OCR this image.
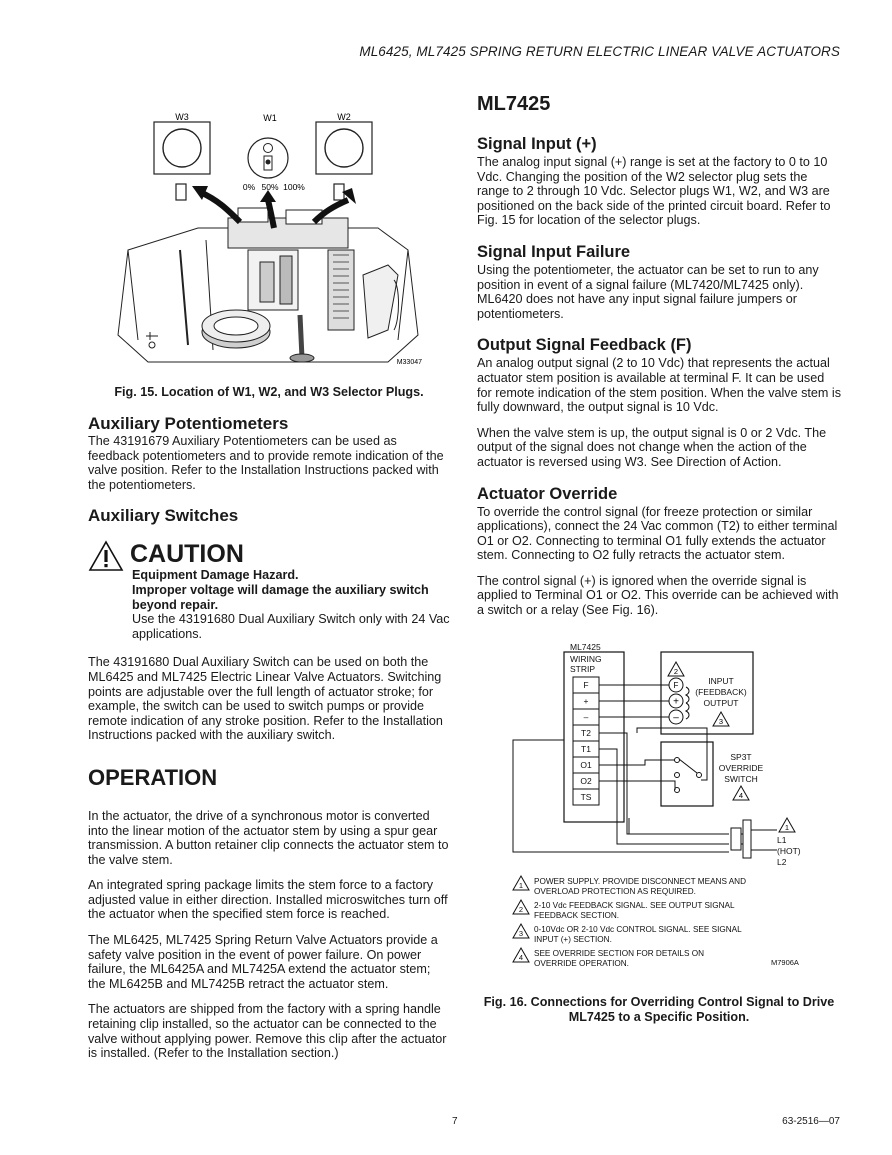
ML6425, ML7425 SPRING RETURN ELECTRIC LINEAR VALVE ACTUATORS
W3	W1
0% 50% 100%
W2
M33047
Fig. 15. Location of W1, W2, and W3 Selector Plugs.
Auxiliary Potentiometers

The 43191679 Auxiliary Potentiometers can be used as feedback potentiometers and to provide remote indication of the valve position. Refer to the Installation Instructions packed with the potentiometers.

Auxiliary Switches
CAUTION
Equipment Damage Hazard.
Improper voltage will damage the auxiliary switch beyond repair.
Use the 43191680 Dual Auxiliary Switch only with 24 Vac applications.

The 43191680 Dual Auxiliary Switch can be used on both the ML6425 and ML7425 Electric Linear Valve Actuators. Switching points are adjustable over the full length of actuator stroke; for example, the switch can be used to switch pumps or provide remote indication of any stroke position. Refer to the Installation Instructions packed with the auxiliary switch.

OPERATION

In the actuator, the drive of a synchronous motor is converted into the linear motion of the actuator stem by using a spur gear transmission. A button retainer clip connects the actuator stem to the valve stem.

An integrated spring package limits the stem force to a factory adjusted value in either direction. Installed microswitches turn off the actuator when the specified stem force is reached.

The ML6425, ML7425 Spring Return Valve Actuators provide a safety valve position in the event of power failure. On power failure, the ML6425A and ML7425A extend the actuator stem; the ML6425B and ML7425B retract the actuator stem.

The actuators are shipped from the factory with a spring handle retaining clip installed, so the actuator can be connected to the valve without applying power. Remove this clip after the actuator is installed. (Refer to the Installation section.)

ML7425
Signal Input (+)

The analog input signal (+) range is set at the factory to 0 to 10 Vdc. Changing the position of the W2 selector plug sets the range to 2 through 10 Vdc. Selector plugs W1, W2, and W3 are positioned on the back side of the printed circuit board. Refer to Fig. 15 for location of the selector plugs.

Signal Input Failure

Using the potentiometer, the actuator can be set to run to any position in event of a signal failure (ML7420/ML7425 only). ML6420 does not have any input signal failure jumpers or potentiometers.

Output Signal Feedback (F)

An analog output signal (2 to 10 Vdc) that represents the actual actuator stem position is available at terminal F. It can be used for remote indication of the stem position. When the valve stem is fully downward, the output signal is 10 Vdc.

When the valve stem is up, the output signal is 0 or 2 Vdc. The output of the signal does not change when the action of the actuator is reversed using W3. See Direction of Action.

Actuator Override

To override the control signal (for freeze protection or similar applications), connect the 24 Vac common (T2) to either terminal O1 or O2. Connecting to terminal O1 fully extends the actuator stem. Connecting to O2 fully retracts the actuator stem.

The control signal (+) is ignored when the override signal is applied to Terminal O1 or O2. This override can be achieved with a switch or a relay (See Fig. 16).

ML7425
WIRING
STRIP
F
+
–
T2
T1
O1
O2
TS
2
F
+
–
INPUT
(FEEDBACK)
OUTPUT
3
SP3T
OVERRIDE
SWITCH
4
1
L1
(HOT)
L2
1 POWER SUPPLY. PROVIDE DISCONNECT MEANS AND
OVERLOAD PROTECTION AS REQUIRED.
2 2-10 Vdc FEEDBACK SIGNAL. SEE OUTPUT SIGNAL
FEEDBACK SECTION.
3 0-10Vdc OR 2-10 Vdc CONTROL SIGNAL. SEE SIGNAL
INPUT (+) SECTION.
4 SEE OVERRIDE SECTION FOR DETAILS ON
OVERRIDE OPERATION.	M7906A
Fig. 16. Connections for Overriding Control Signal to Drive ML7425 to a Specific Position.
7	63-2516—07
